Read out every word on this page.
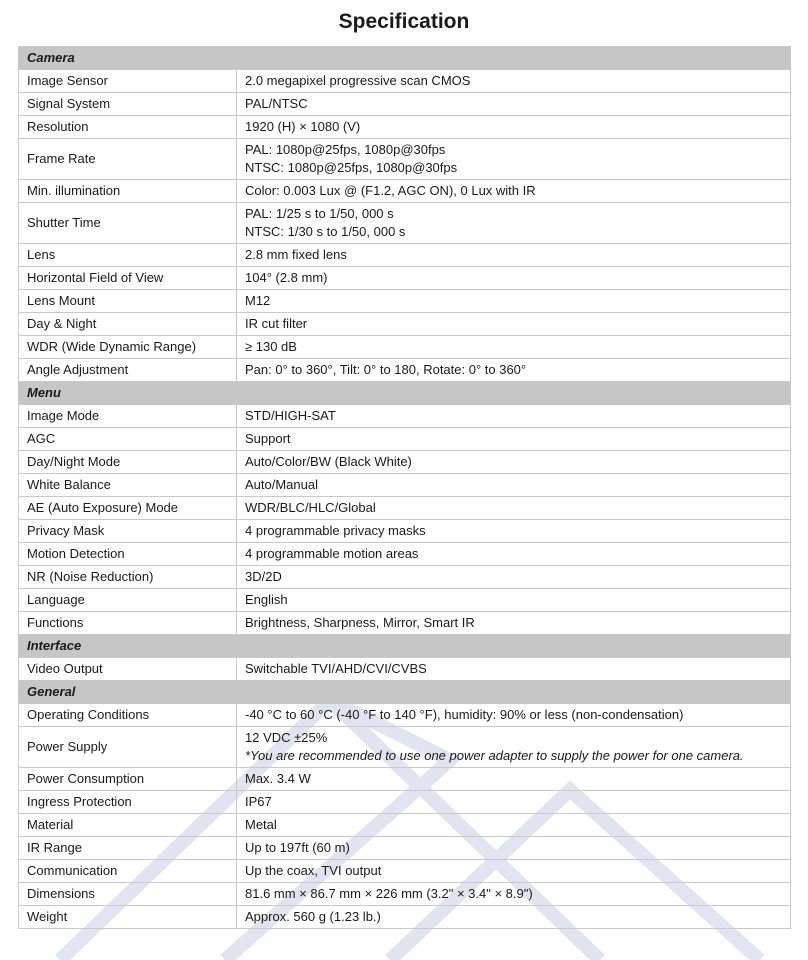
Specification
Camera	
Image Sensor	2.0 megapixel progressive scan CMOS

Signal System	PAL/NTSC

Resolution	1920 (H) × 1080 (V)

Frame Rate	PAL: 1080p@25fps, 1080p@30fps
NTSC: 1080p@25fps, 1080p@30fps

Min. illumination	Color: 0.003 Lux @ (F1.2, AGC ON), 0 Lux with IR

Shutter Time	PAL: 1/25 s to 1/50, 000 s
NTSC: 1/30 s to 1/50, 000 s

Lens	2.8 mm fixed lens

Horizontal Field of View	104° (2.8 mm)

Lens Mount	M12

Day & Night	IR cut filter

WDR (Wide Dynamic Range)	≥ 130 dB

Angle Adjustment	Pan: 0° to 360°, Tilt: 0° to 180, Rotate: 0° to 360°

Menu	
Image Mode	STD/HIGH-SAT

AGC	Support

Day/Night Mode	Auto/Color/BW (Black White)

White Balance	Auto/Manual

AE (Auto Exposure) Mode	WDR/BLC/HLC/Global

Privacy Mask	4 programmable privacy masks

Motion Detection	4 programmable motion areas

NR (Noise Reduction)	3D/2D

Language	English

Functions	Brightness, Sharpness, Mirror, Smart IR

Interface	
Video Output	Switchable TVI/AHD/CVI/CVBS

General	
Operating Conditions	-40 °C to 60 °C (-40 °F to 140 °F), humidity: 90% or less (non-condensation)

Power Supply	12 VDC ±25%
*You are recommended to use one power adapter to supply the power for one camera.

Power Consumption	Max. 3.4 W

Ingress Protection	IP67

Material	Metal

IR Range	Up to 197ft (60 m)

Communication	Up the coax, TVI output

Dimensions	81.6 mm × 86.7 mm × 226 mm (3.2" × 3.4" × 8.9")

Weight	Approx. 560 g (1.23 lb.)
